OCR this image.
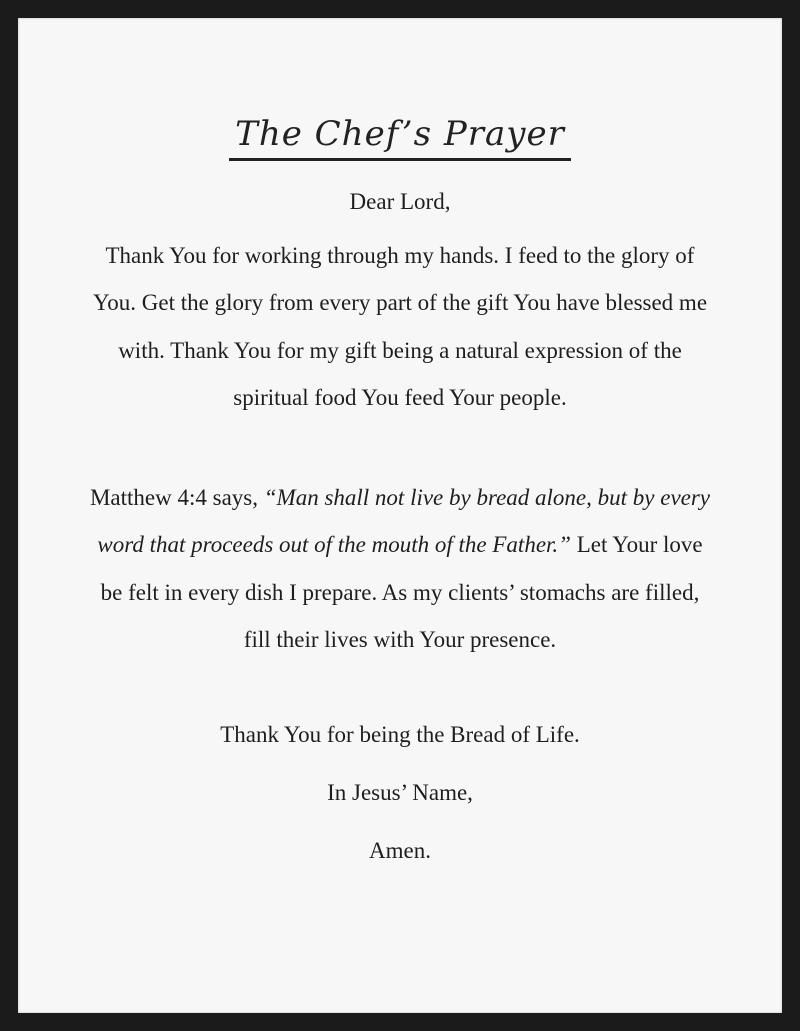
The Chef’s Prayer
Dear Lord,
Thank You for working through my hands. I feed to the glory of You. Get the glory from every part of the gift You have blessed me with. Thank You for my gift being a natural expression of the spiritual food You feed Your people.
Matthew 4:4 says, “Man shall not live by bread alone, but by every word that proceeds out of the mouth of the Father.” Let Your love be felt in every dish I prepare. As my clients’ stomachs are filled, fill their lives with Your presence.
Thank You for being the Bread of Life.
In Jesus’ Name,
Amen.
